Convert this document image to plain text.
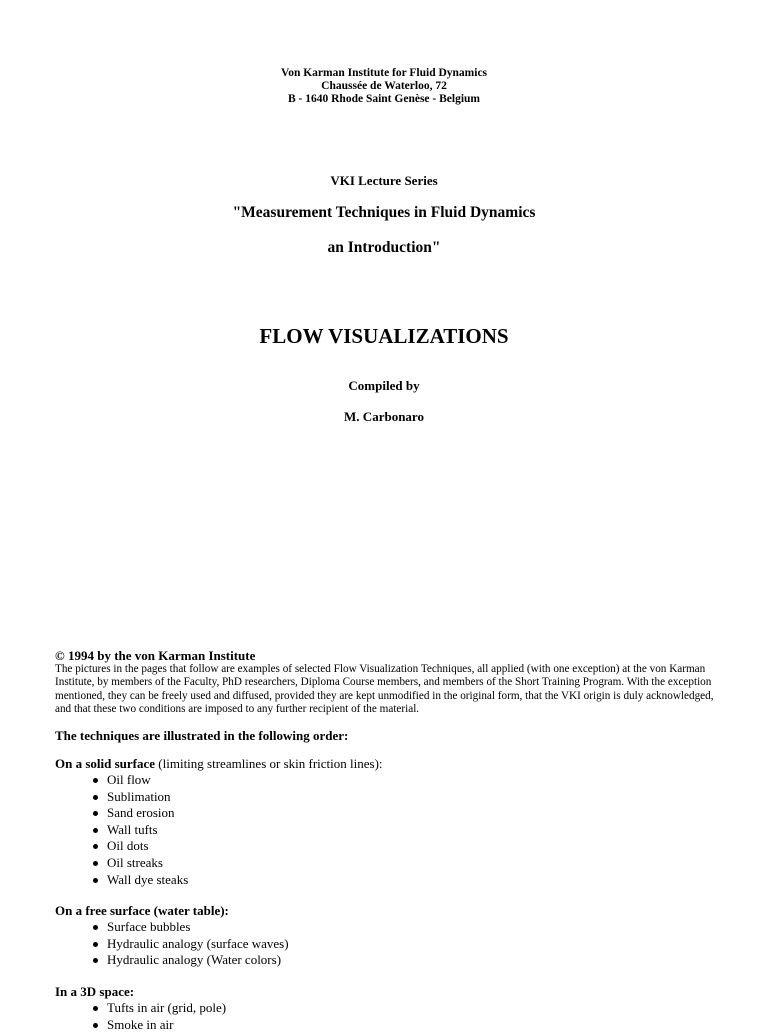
Von Karman Institute for Fluid Dynamics
Chaussée de Waterloo, 72
B - 1640 Rhode Saint Genèse - Belgium
VKI Lecture Series
"Measurement Techniques in Fluid Dynamics
an Introduction"
FLOW VISUALIZATIONS
Compiled by
M. Carbonaro
© 1994 by the von Karman Institute
The pictures in the pages that follow are examples of selected Flow Visualization Techniques, all applied (with one exception) at the von Karman Institute, by members of the Faculty, PhD researchers, Diploma Course members, and members of the Short Training Program. With the exception mentioned, they can be freely used and diffused, provided they are kept unmodified in the original form, that the VKI origin is duly acknowledged, and that these two conditions are imposed to any further recipient of the material.
The techniques are illustrated in the following order:
On a solid surface (limiting streamlines or skin friction lines):
Oil flow
Sublimation
Sand erosion
Wall tufts
Oil dots
Oil streaks
Wall dye steaks
On a free surface (water table):
Surface bubbles
Hydraulic analogy (surface waves)
Hydraulic analogy (Water colors)
In a 3D space:
Tufts in air (grid, pole)
Smoke in air
